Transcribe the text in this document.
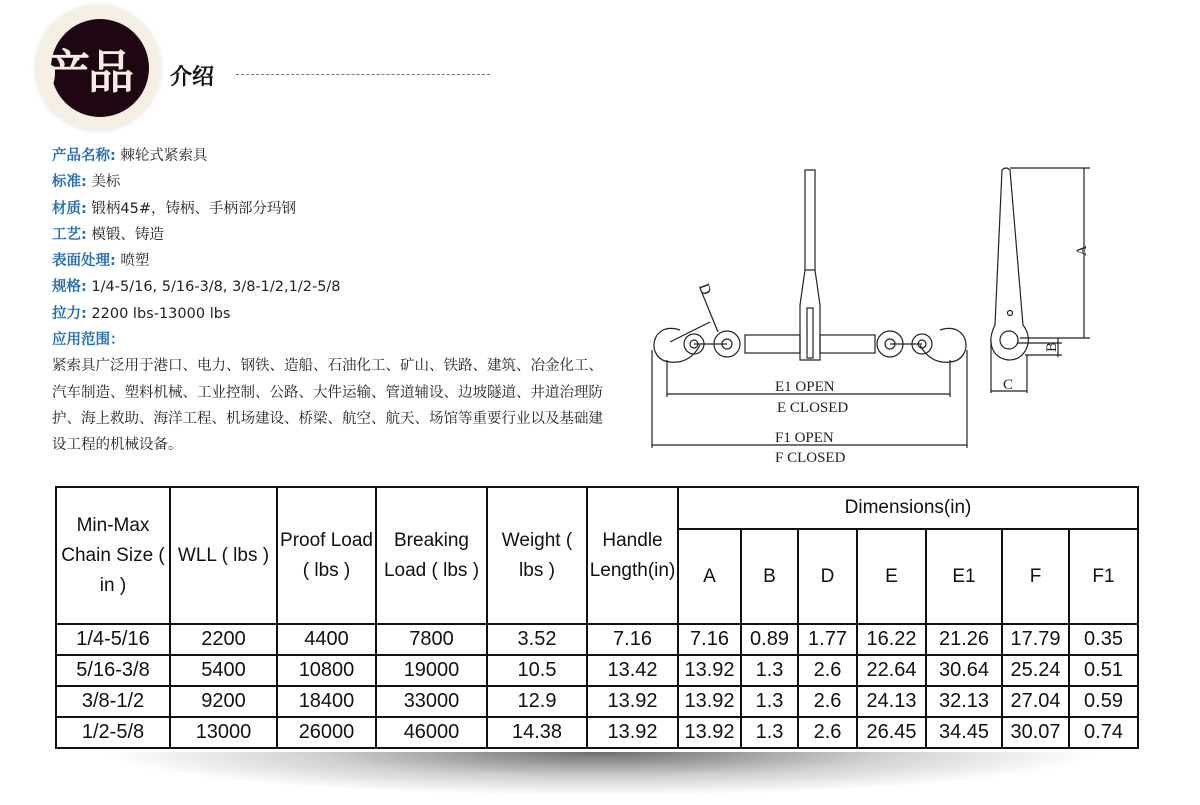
产品 介绍
产品名称: 棘轮式紧索具
标准: 美标
材质: 锻柄45#，铸柄、手柄部分玛钢
工艺: 模锻、铸造
表面处理: 喷塑
规格: 1/4-5/16, 5/16-3/8, 3/8-1/2,1/2-5/8
拉力: 2200 lbs-13000 lbs
应用范围：
紧索具广泛用于港口、电力、钢铁、造船、石油化工、矿山、铁路、建筑、冶金化工、汽车制造、塑料机械、工业控制、公路、大件运输、管道辅设、边坡隧道、井道治理防护、海上救助、海洋工程、机场建设、桥梁、航空、航天、场馆等重要行业以及基础建设工程的机械设备。
E1 OPEN
E CLOSED
F1 OPEN
F CLOSED
A
B
C
D
Min-Max Chain Size ( in )	WLL ( lbs )	Proof Load ( lbs )	Breaking Load ( lbs )	Weight ( lbs )	Handle Length(in)	Dimensions(in)						
						A	B	D	E	E1	F	F1
1/4-5/16	2200	4400	7800	3.52	7.16	7.16	0.89	1.77	16.22	21.26	17.79	0.35
5/16-3/8	5400	10800	19000	10.5	13.42	13.92	1.3	2.6	22.64	30.64	25.24	0.51
3/8-1/2	9200	18400	33000	12.9	13.92	13.92	1.3	2.6	24.13	32.13	27.04	0.59
1/2-5/8	13000	26000	46000	14.38	13.92	13.92	1.3	2.6	26.45	34.45	30.07	0.74
